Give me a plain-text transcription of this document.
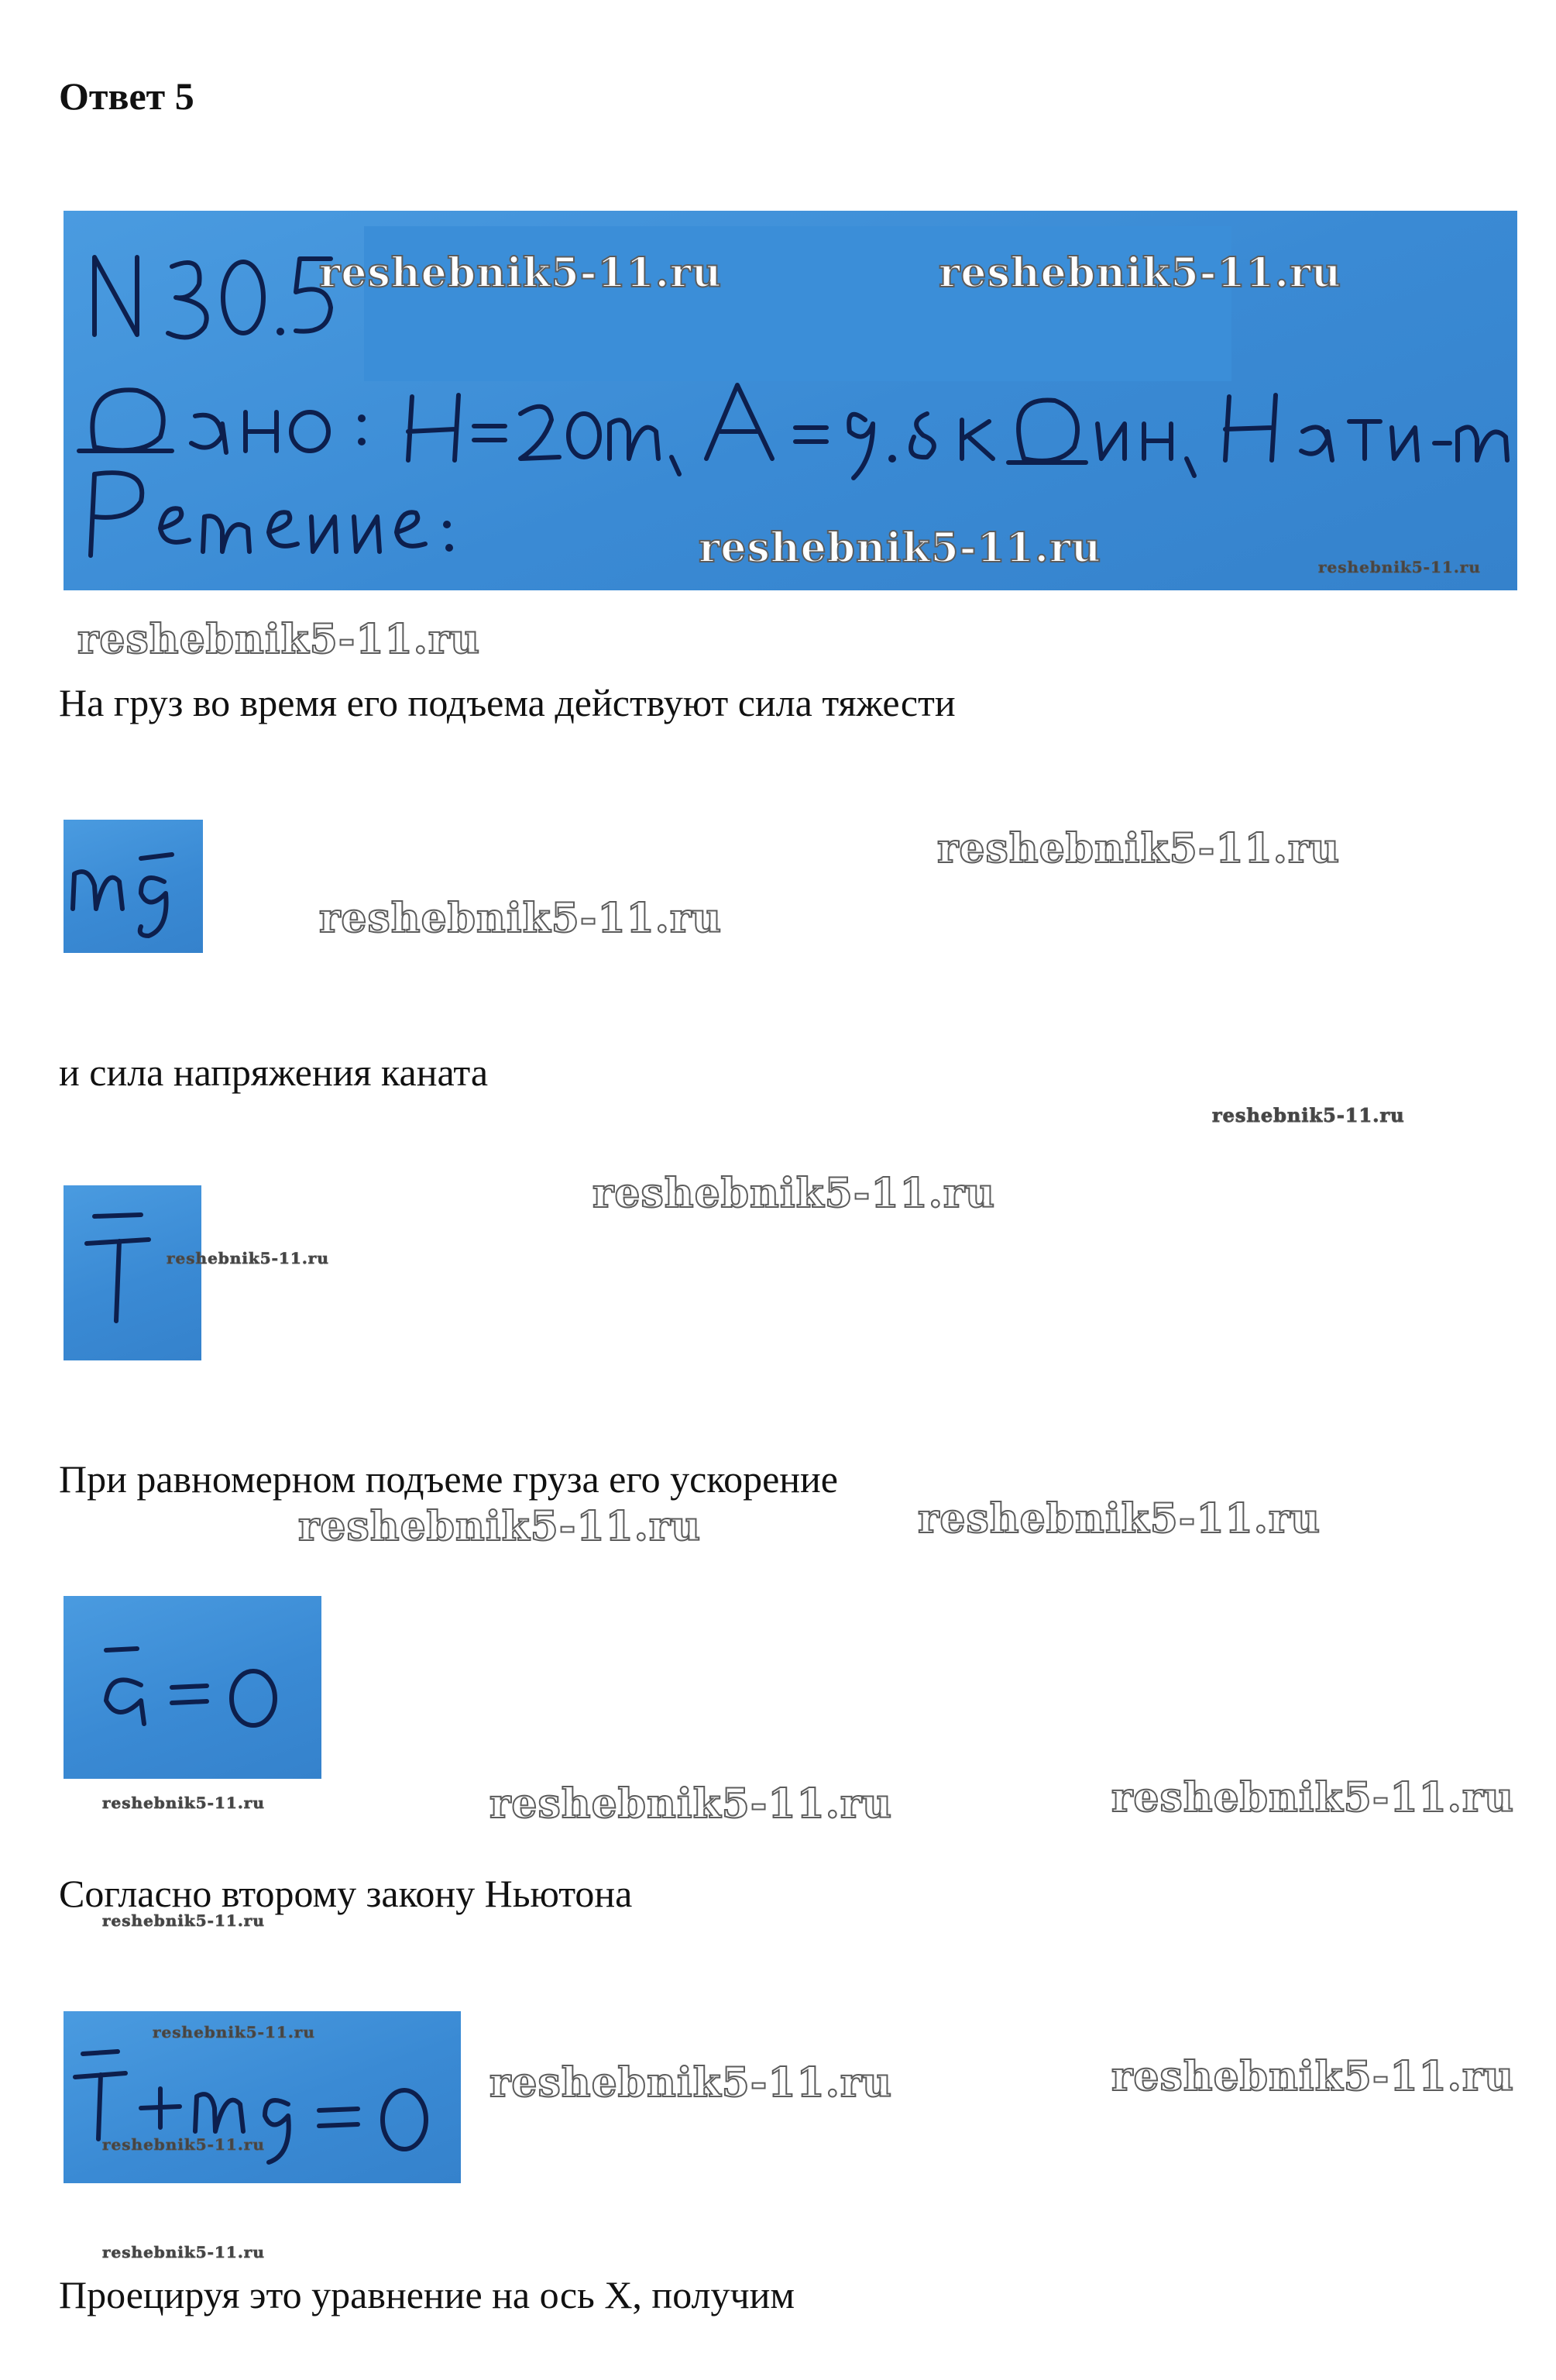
Ответ 5
reshebnik5-11.ru	reshebnik5-11.ru
reshebnik5-11.ru	reshebnik5-11.ru
reshebnik5-11.ru
На груз во время его подъема действуют сила тяжести
reshebnik5-11.ru
reshebnik5-11.ru
и сила напряжения каната
reshebnik5-11.ru
reshebnik5-11.ru
reshebnik5-11.ru
При равномерном подъеме груза его ускорение
reshebnik5-11.ru	reshebnik5-11.ru
reshebnik5-11.ru	reshebnik5-11.ru	reshebnik5-11.ru
Согласно второму закону Ньютона
reshebnik5-11.ru
reshebnik5-11.ru
reshebnik5-11.ru
reshebnik5-11.ru	reshebnik5-11.ru
reshebnik5-11.ru
Проецируя это уравнение на ось X, получим
